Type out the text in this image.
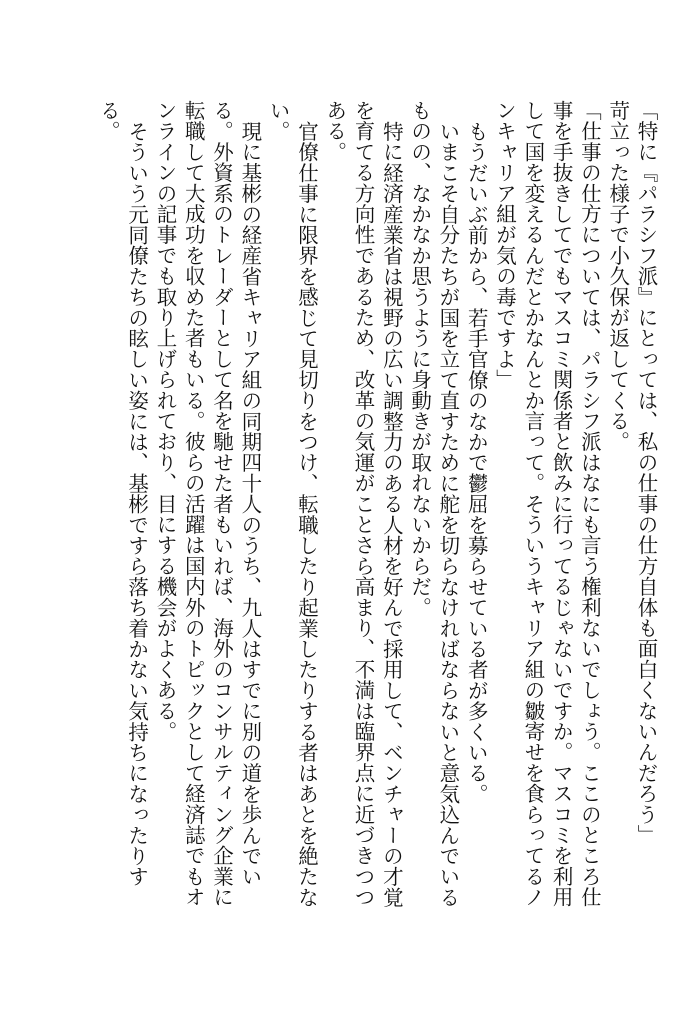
「特に『パラシフ派』にとっては、私の仕事の仕方自体も面白くないんだろう」

苛立った様子で小久保が返してくる。

「仕事の仕方については、パラシフ派はなにも言う権利ないでしょう。ここのところ仕事を手抜きしてでもマスコミ関係者と飲みに行ってるじゃないですか。マスコミを利用して国を変えるんだとかなんとか言って。そういうキャリア組の皺寄せを食らってるノンキャリア組が気の毒ですよ」

もうだいぶ前から、若手官僚のなかで鬱屈を募らせている者が多くいる。

いまこそ自分たちが国を立て直すために舵を切らなければならないと意気込んでいるものの、なかなか思うように身動きが取れないからだ。

特に経済産業省は視野の広い調整力のある人材を好んで採用して、ベンチャーの才覚を育てる方向性であるため、改革の気運がことさら高まり、不満は臨界点に近づきつつある。

官僚仕事に限界を感じて見切りをつけ、転職したり起業したりする者はあとを絶たない。

現に基彬の経産省キャリア組の同期四十人のうち、九人はすでに別の道を歩んでいる。外資系のトレーダーとして名を馳せた者もいれば、海外のコンサルティング企業に転職して大成功を収めた者もいる。彼らの活躍は国内外のトピックとして経済誌でもオンラインの記事でも取り上げられており、目にする機会がよくある。

そういう元同僚たちの眩しい姿には、基彬ですら落ち着かない気持ちになったりする。
